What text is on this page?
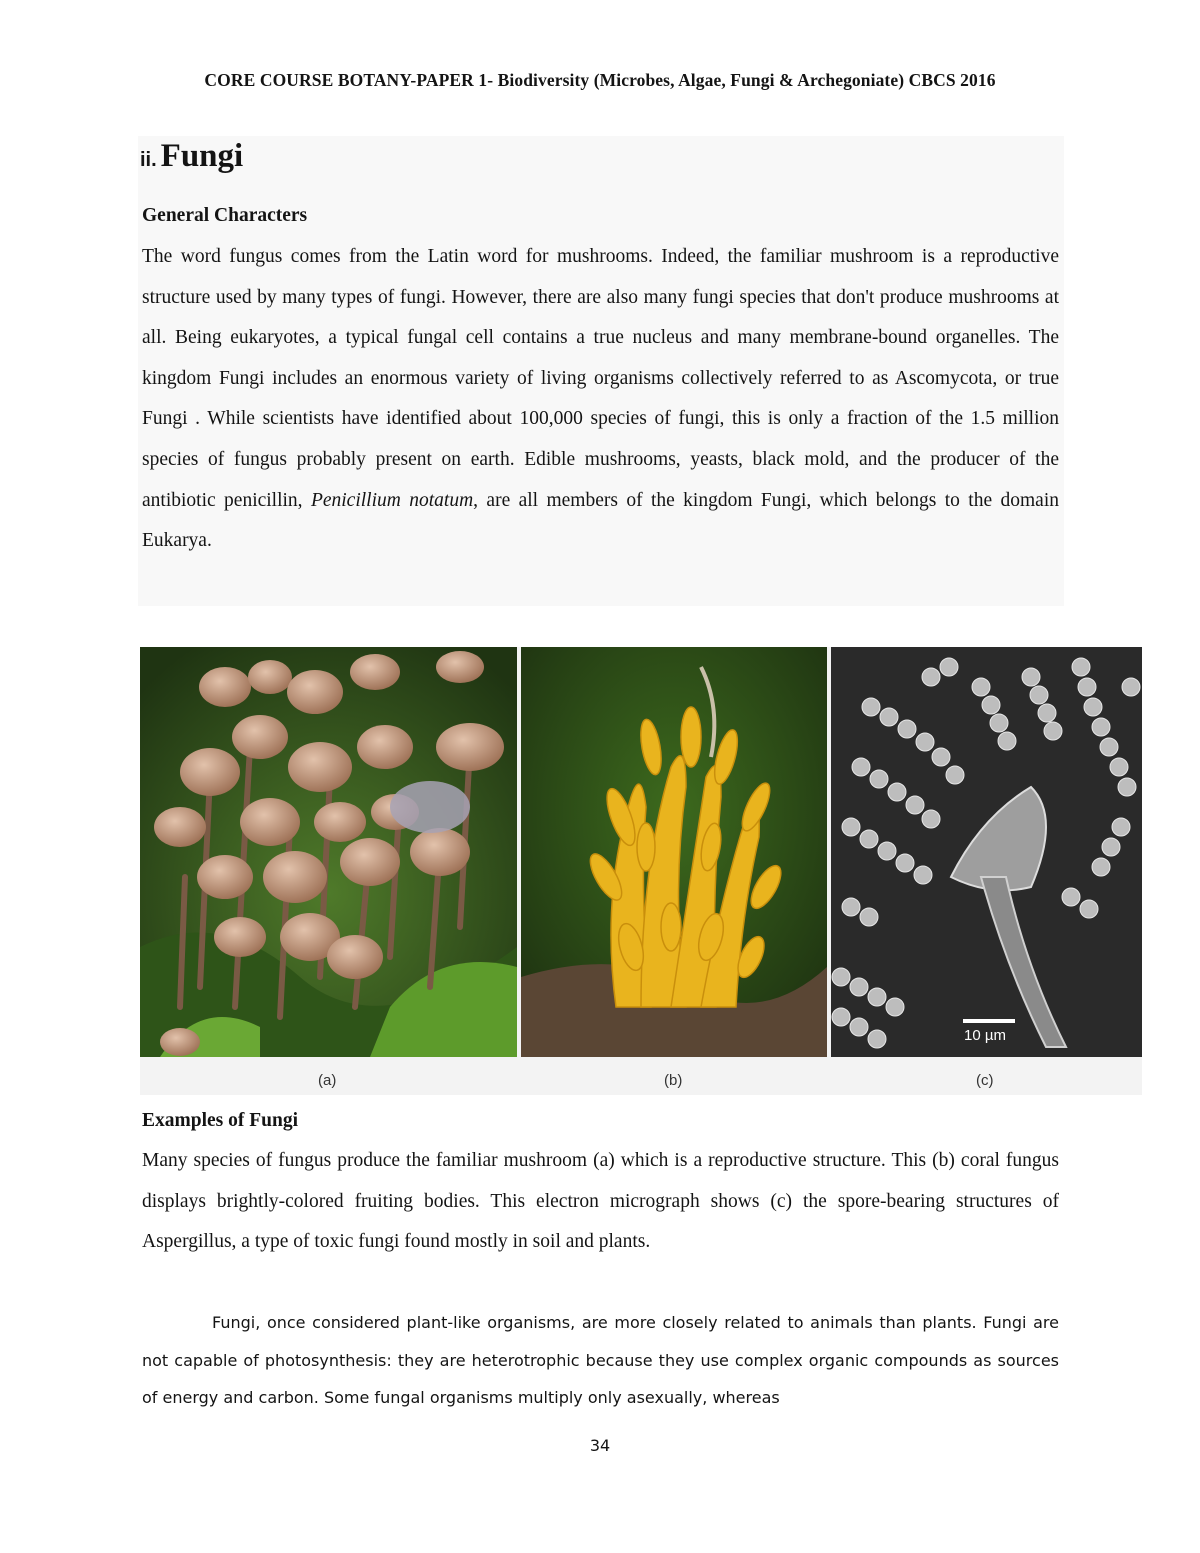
CORE COURSE BOTANY-PAPER 1- Biodiversity (Microbes, Algae, Fungi & Archegoniate) CBCS 2016
ii. Fungi
General Characters
The word fungus comes from the Latin word for mushrooms. Indeed, the familiar mushroom is a reproductive structure used by many types of fungi. However, there are also many fungi species that don't produce mushrooms at all. Being eukaryotes, a typical fungal cell contains a true nucleus and many membrane-bound organelles. The kingdom Fungi includes an enormous variety of living organisms collectively referred to as Ascomycota, or true Fungi . While scientists have identified about 100,000 species of fungi, this is only a fraction of the 1.5 million species of fungus probably present on earth. Edible mushrooms, yeasts, black mold, and the producer of the antibiotic penicillin, Penicillium notatum, are all members of the kingdom Fungi, which belongs to the domain Eukarya.
10 µm
(a)	(b)	(c)
Examples of Fungi
Many species of fungus produce the familiar mushroom (a) which is a reproductive structure. This (b) coral fungus displays brightly-colored fruiting bodies. This electron micrograph shows (c) the spore-bearing structures of Aspergillus, a type of toxic fungi found mostly in soil and plants.
Fungi, once considered plant-like organisms, are more closely related to animals than plants. Fungi are not capable of photosynthesis: they are heterotrophic because they use complex organic compounds as sources of energy and carbon. Some fungal organisms multiply only asexually, whereas
34
